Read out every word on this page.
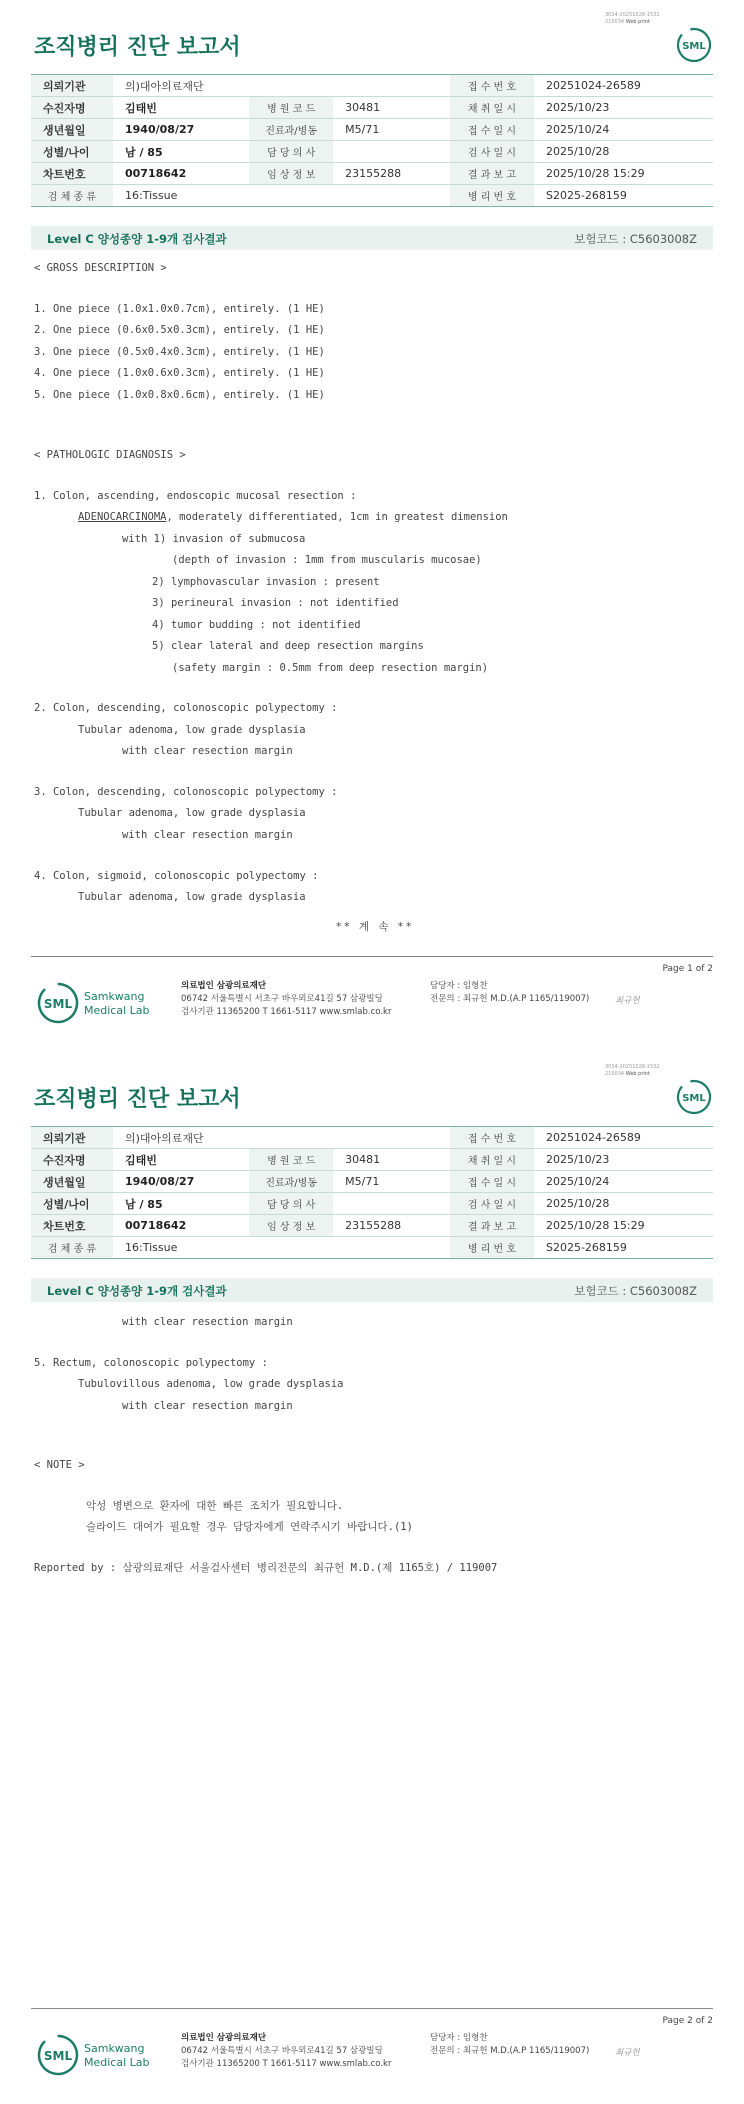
3014-20251028-1532
210034 Web print
조직병리 진단 보고서	SML
의뢰기관	의)대아의료재단			접 수 번 호	20251024-26589
수진자명	김태빈	병 원 코 드	30481	채 취 일 시	2025/10/23
생년월일	1940/08/27	진료과/병동	M5/71	접 수 일 시	2025/10/24
성별/나이	남 / 85	담 당 의 사		검 사 일 시	2025/10/28
차트번호	00718642	임 상 정 보	23155288	결 과 보 고	2025/10/28 15:29
검 체 종 류	16:Tissue			병 리 번 호	S2025-268159
Level C 양성종양 1-9개 검사결과	보험코드 : C5603008Z
< GROSS DESCRIPTION >
1. One piece (1.0x1.0x0.7cm), entirely. (1 HE)
2. One piece (0.6x0.5x0.3cm), entirely. (1 HE)
3. One piece (0.5x0.4x0.3cm), entirely. (1 HE)
4. One piece (1.0x0.6x0.3cm), entirely. (1 HE)
5. One piece (1.0x0.8x0.6cm), entirely. (1 HE)
< PATHOLOGIC DIAGNOSIS >
1. Colon, ascending, endoscopic mucosal resection :
ADENOCARCINOMA, moderately differentiated, 1cm in greatest dimension
with 1) invasion of submucosa
(depth of invasion : 1mm from muscularis mucosae)
2) lymphovascular invasion : present
3) perineural invasion : not identified
4) tumor budding : not identified
5) clear lateral and deep resection margins
(safety margin : 0.5mm from deep resection margin)
2. Colon, descending, colonoscopic polypectomy :
Tubular adenoma, low grade dysplasia
with clear resection margin
3. Colon, descending, colonoscopic polypectomy :
Tubular adenoma, low grade dysplasia
with clear resection margin
4. Colon, sigmoid, colonoscopic polypectomy :
Tubular adenoma, low grade dysplasia
** 계 속 **
Page 1 of 2
SML
Samkwang
Medical Lab
의료법인 삼광의료재단
06742 서울특별시 서초구 바우뫼로41길 57 삼광빌딩
검사기관 11365200 T 1661-5117 www.smlab.co.kr
담당자 : 임형찬
전문의 : 최규헌 M.D.(A.P 1165/119007)	최규헌
3014-20251028-1532
210034 Web print
조직병리 진단 보고서	SML
의뢰기관	의)대아의료재단			접 수 번 호	20251024-26589
수진자명	김태빈	병 원 코 드	30481	채 취 일 시	2025/10/23
생년월일	1940/08/27	진료과/병동	M5/71	접 수 일 시	2025/10/24
성별/나이	남 / 85	담 당 의 사		검 사 일 시	2025/10/28
차트번호	00718642	임 상 정 보	23155288	결 과 보 고	2025/10/28 15:29
검 체 종 류	16:Tissue			병 리 번 호	S2025-268159
Level C 양성종양 1-9개 검사결과	보험코드 : C5603008Z
with clear resection margin
5. Rectum, colonoscopic polypectomy :
Tubulovillous adenoma, low grade dysplasia
with clear resection margin
< NOTE >
악성 병변으로 환자에 대한 빠른 조치가 필요합니다.
슬라이드 대여가 필요할 경우 담당자에게 연락주시기 바랍니다.(1)
Reported by : 삼광의료재단 서울검사센터 병리전문의 최규헌 M.D.(제 1165호) / 119007
Page 2 of 2
SML
Samkwang
Medical Lab
의료법인 삼광의료재단
06742 서울특별시 서초구 바우뫼로41길 57 삼광빌딩
검사기관 11365200 T 1661-5117 www.smlab.co.kr
담당자 : 임형찬
전문의 : 최규헌 M.D.(A.P 1165/119007)	최규헌
